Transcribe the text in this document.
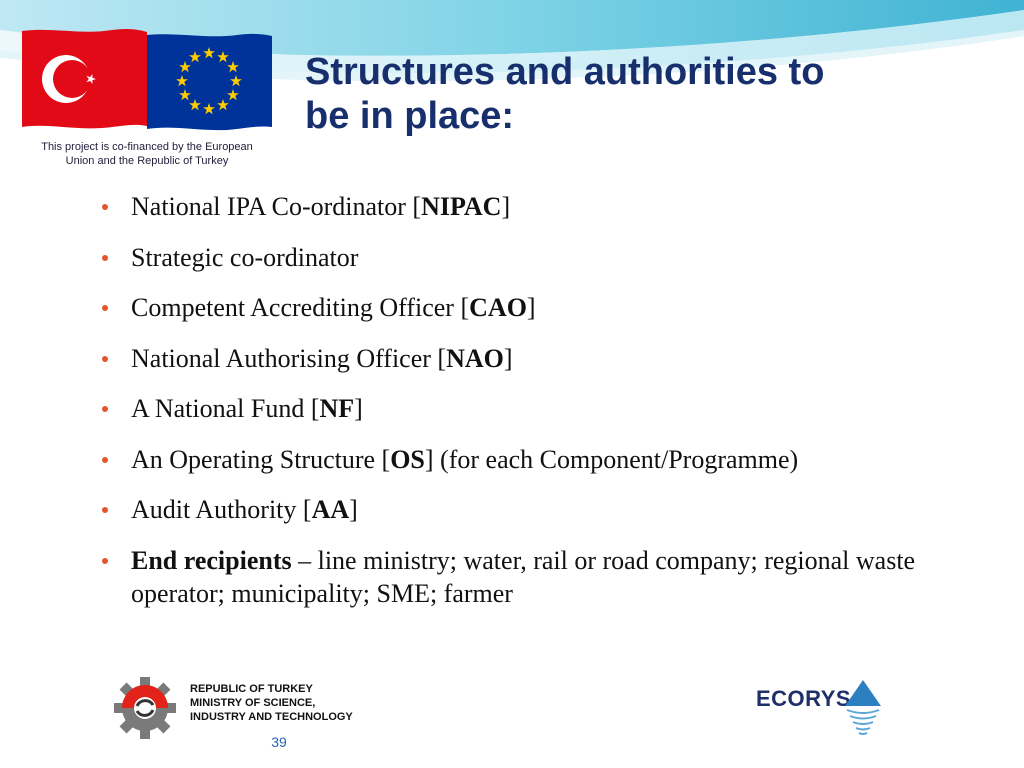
This project is co-financed by the European
Union and the Republic of Turkey
Structures and authorities to
be in place:
National IPA Co-ordinator [NIPAC]
Strategic co-ordinator
Competent Accrediting Officer [CAO]
National Authorising Officer [NAO]
A National Fund [NF]
An Operating Structure [OS] (for each Component/Programme)
Audit Authority [AA]
End recipients – line ministry; water, rail or road company; regional waste operator; municipality; SME; farmer
REPUBLIC OF TURKEY
MINISTRY OF SCIENCE,
INDUSTRY AND TECHNOLOGY
39
ECORYS
